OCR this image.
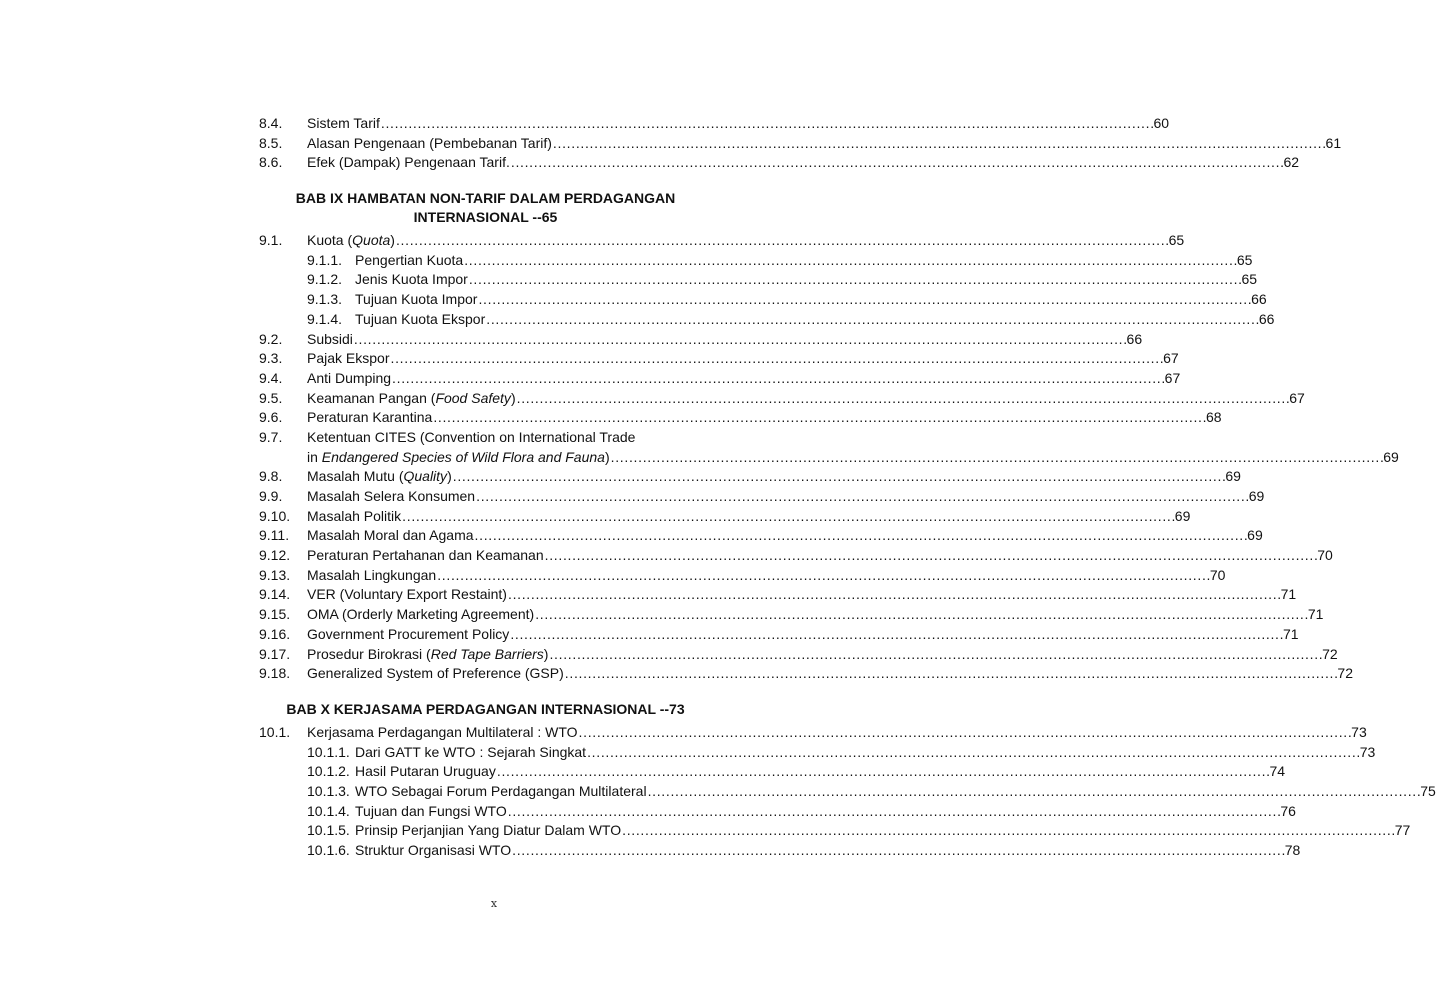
8.4.	Sistem Tarif . . .	60
8.5.	Alasan Pengenaan (Pembebanan Tarif) . . .	61
8.6.	Efek (Dampak) Pengenaan Tarif. . . .	62
BAB IX HAMBATAN NON-TARIF DALAM PERDAGANGAN
INTERNASIONAL --65
9.1.	Kuota (Quota) . . .	65
9.1.1. Pengertian Kuota . . .	65
9.1.2. Jenis Kuota Impor . . .	65
9.1.3. Tujuan Kuota Impor . . .	66
9.1.4. Tujuan Kuota Ekspor . . .	66
9.2.	Subsidi . . .	66
9.3.	Pajak Ekspor . . .	67
9.4.	Anti Dumping . . .	67
9.5.	Keamanan Pangan (Food Safety) . . .	67
9.6.	Peraturan Karantina . . .	68
9.7.	Ketentuan CITES (Convention on International Trade
in Endangered Species of Wild Flora and Fauna) . . .	69
9.8.	Masalah Mutu (Quality) . . .	69
9.9.	Masalah Selera Konsumen . . .	69
9.10.	Masalah Politik . . .	69
9.11.	Masalah Moral dan Agama . . .	69
9.12.	Peraturan Pertahanan dan Keamanan . . .	70
9.13.	Masalah Lingkungan . . .	70
9.14.	VER (Voluntary Export Restaint) . . .	71
9.15.	OMA (Orderly Marketing Agreement) . . .	71
9.16.	Government Procurement Policy . . .	71
9.17.	Prosedur Birokrasi (Red Tape Barriers) . . .	72
9.18.	Generalized System of Preference (GSP) . . .	72
BAB X KERJASAMA PERDAGANGAN INTERNASIONAL --73
10.1.	Kerjasama Perdagangan Multilateral : WTO . . .	73
10.1.1. Dari GATT ke WTO : Sejarah Singkat . . .	73
10.1.2. Hasil Putaran Uruguay . . .	74
10.1.3. WTO Sebagai Forum Perdagangan Multilateral . . .	75
10.1.4. Tujuan dan Fungsi WTO . . .	76
10.1.5. Prinsip Perjanjian Yang Diatur Dalam WTO . . .	77
10.1.6. Struktur Organisasi WTO . . .	78
x
